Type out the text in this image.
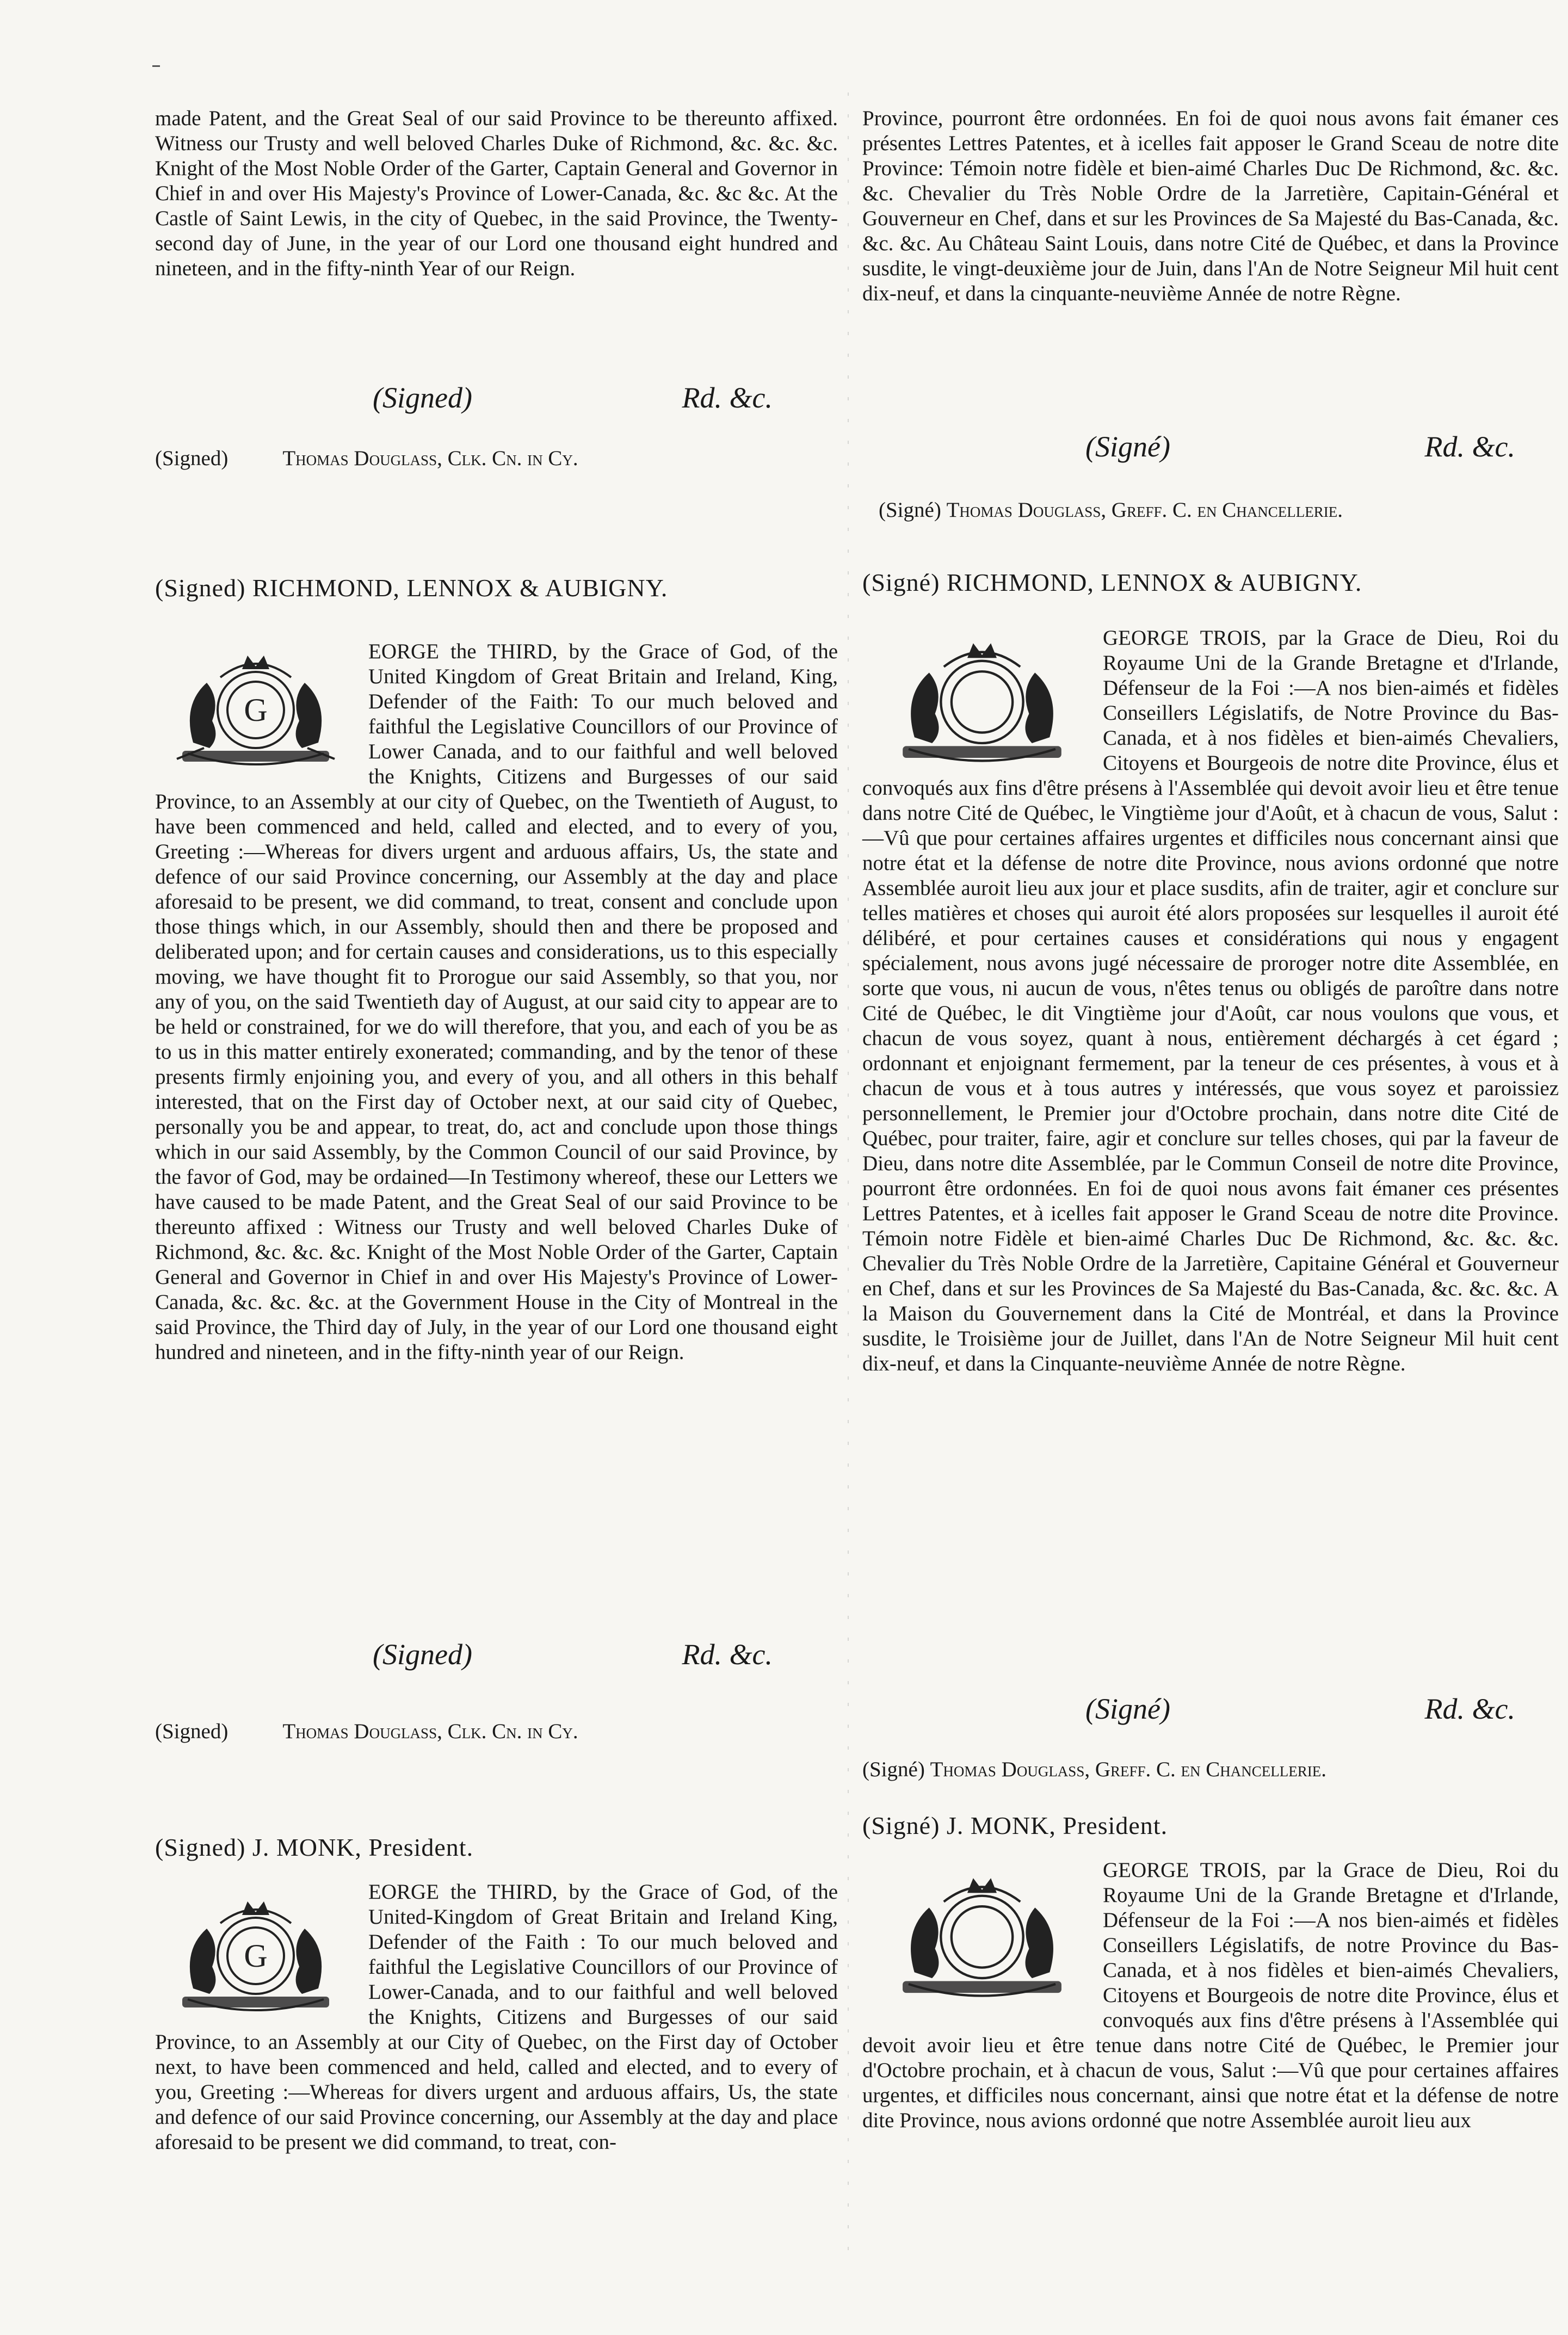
made Patent, and the Great Seal of our said Province to be thereunto affixed. Witness our Trusty and well beloved Charles Duke of Richmond, &c. &c. &c. Knight of the Most Noble Order of the Garter, Captain General and Governor in Chief in and over His Majesty's Province of Lower-Canada, &c. &c &c. At the Castle of Saint Lewis, in the city of Quebec, in the said Province, the Twenty-second day of June, in the year of our Lord one thousand eight hundred and nineteen, and in the fifty-ninth Year of our Reign.

(Signed)	Rd. &c.

(Signed)	Thomas Douglass, Clk. Cn. in Cy.

(Signed) RICHMOND, LENNOX & AUBIGNY.

G

EORGE the THIRD, by the Grace of God, of the United Kingdom of Great Britain and Ireland, King, Defender of the Faith: To our much beloved and faithful the Legislative Councillors of our Province of Lower Canada, and to our faithful and well beloved the Knights, Citizens and Burgesses of our said Province, to an Assembly at our city of Quebec, on the Twentieth of August, to have been commenced and held, called and elected, and to every of you, Greeting :—Whereas for divers urgent and arduous affairs, Us, the state and defence of our said Province concerning, our Assembly at the day and place aforesaid to be present, we did command, to treat, consent and conclude upon those things which, in our Assembly, should then and there be proposed and deliberated upon; and for certain causes and considerations, us to this especially moving, we have thought fit to Prorogue our said Assembly, so that you, nor any of you, on the said Twentieth day of August, at our said city to appear are to be held or constrained, for we do will therefore, that you, and each of you be as to us in this matter entirely exonerated; commanding, and by the tenor of these presents firmly enjoining you, and every of you, and all others in this behalf interested, that on the First day of October next, at our said city of Quebec, personally you be and appear, to treat, do, act and conclude upon those things which in our said Assembly, by the Common Council of our said Province, by the favor of God, may be ordained—In Testimony whereof, these our Letters we have caused to be made Patent, and the Great Seal of our said Province to be thereunto affixed : Witness our Trusty and well beloved Charles Duke of Richmond, &c. &c. &c. Knight of the Most Noble Order of the Garter, Captain General and Governor in Chief in and over His Majesty's Province of Lower-Canada, &c. &c. &c. at the Government House in the City of Montreal in the said Province, the Third day of July, in the year of our Lord one thousand eight hundred and nineteen, and in the fifty-ninth year of our Reign.

(Signed)	Rd. &c.

(Signed)	Thomas Douglass, Clk. Cn. in Cy.

(Signed) J. MONK, President.

G

EORGE the THIRD, by the Grace of God, of the United-Kingdom of Great Britain and Ireland King, Defender of the Faith : To our much beloved and faithful the Legislative Councillors of our Province of Lower-Canada, and to our faithful and well beloved the Knights, Citizens and Burgesses of our said Province, to an Assembly at our City of Quebec, on the First day of October next, to have been commenced and held, called and elected, and to every of you, Greeting :—Whereas for divers urgent and arduous affairs, Us, the state and defence of our said Province concerning, our Assembly at the day and place aforesaid to be present we did command, to treat, con-

Province, pourront être ordonnées. En foi de quoi nous avons fait émaner ces présentes Lettres Patentes, et à icelles fait apposer le Grand Sceau de notre dite Province: Témoin notre fidèle et bien-aimé Charles Duc De Richmond, &c. &c. &c. Chevalier du Très Noble Ordre de la Jarretière, Capitain-Général et Gouverneur en Chef, dans et sur les Provinces de Sa Majesté du Bas-Canada, &c. &c. &c. Au Château Saint Louis, dans notre Cité de Québec, et dans la Province susdite, le vingt-deuxième jour de Juin, dans l'An de Notre Seigneur Mil huit cent dix-neuf, et dans la cinquante-neuvième Année de notre Règne.

(Signé)	Rd. &c.

(Signé) Thomas Douglass, Greff. C. en Chancellerie.

(Signé) RICHMOND, LENNOX & AUBIGNY.

GEORGE TROIS, par la Grace de Dieu, Roi du Royaume Uni de la Grande Bretagne et d'Irlande, Défenseur de la Foi :—A nos bien-aimés et fidèles Conseillers Législatifs, de Notre Province du Bas-Canada, et à nos fidèles et bien-aimés Chevaliers, Citoyens et Bourgeois de notre dite Province, élus et convoqués aux fins d'être présens à l'Assemblée qui devoit avoir lieu et être tenue dans notre Cité de Québec, le Vingtième jour d'Août, et à chacun de vous, Salut :—Vû que pour certaines affaires urgentes et difficiles nous concernant ainsi que notre état et la défense de notre dite Province, nous avions ordonné que notre Assemblée auroit lieu aux jour et place susdits, afin de traiter, agir et conclure sur telles matières et choses qui auroit été alors proposées sur lesquelles il auroit été délibéré, et pour certaines causes et considérations qui nous y engagent spécialement, nous avons jugé nécessaire de proroger notre dite Assemblée, en sorte que vous, ni aucun de vous, n'êtes tenus ou obligés de paroître dans notre Cité de Québec, le dit Vingtième jour d'Août, car nous voulons que vous, et chacun de vous soyez, quant à nous, entièrement déchargés à cet égard ; ordonnant et enjoignant fermement, par la teneur de ces présentes, à vous et à chacun de vous et à tous autres y intéressés, que vous soyez et paroissiez personnellement, le Premier jour d'Octobre prochain, dans notre dite Cité de Québec, pour traiter, faire, agir et conclure sur telles choses, qui par la faveur de Dieu, dans notre dite Assemblée, par le Commun Conseil de notre dite Province, pourront être ordonnées. En foi de quoi nous avons fait émaner ces présentes Lettres Patentes, et à icelles fait apposer le Grand Sceau de notre dite Province. Témoin notre Fidèle et bien-aimé Charles Duc De Richmond, &c. &c. &c. Chevalier du Très Noble Ordre de la Jarretière, Capitaine Général et Gouverneur en Chef, dans et sur les Provinces de Sa Majesté du Bas-Canada, &c. &c. &c. A la Maison du Gouvernement dans la Cité de Montréal, et dans la Province susdite, le Troisième jour de Juillet, dans l'An de Notre Seigneur Mil huit cent dix-neuf, et dans la Cinquante-neuvième Année de notre Règne.

(Signé)	Rd. &c.

(Signé) Thomas Douglass, Greff. C. en Chancellerie.

(Signé) J. MONK, President.

GEORGE TROIS, par la Grace de Dieu, Roi du Royaume Uni de la Grande Bretagne et d'Irlande, Défenseur de la Foi :—A nos bien-aimés et fidèles Conseillers Législatifs, de notre Province du Bas-Canada, et à nos fidèles et bien-aimés Chevaliers, Citoyens et Bourgeois de notre dite Province, élus et convoqués aux fins d'être présens à l'Assemblée qui devoit avoir lieu et être tenue dans notre Cité de Québec, le Premier jour d'Octobre prochain, et à chacun de vous, Salut :—Vû que pour certaines affaires urgentes, et difficiles nous concernant, ainsi que notre état et la défense de notre dite Province, nous avions ordonné que notre Assemblée auroit lieu aux
